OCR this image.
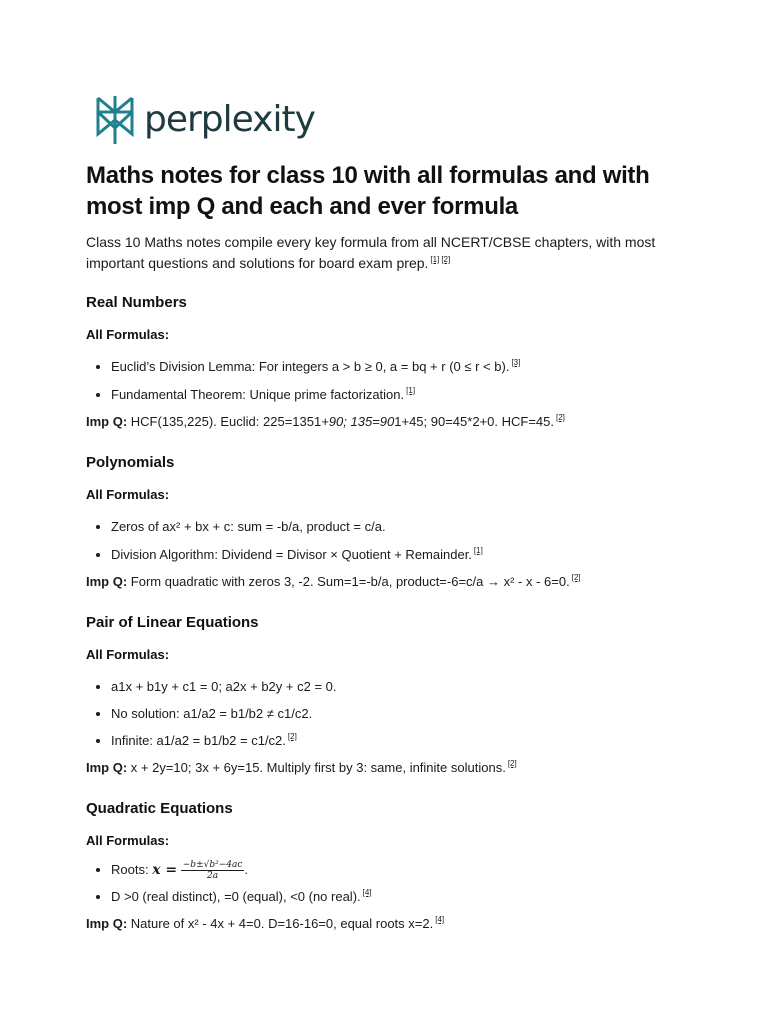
perplexity
Maths notes for class 10 with all formulas and with most imp Q and each and ever formula

Class 10 Maths notes compile every key formula from all NCERT/CBSE chapters, with most important questions and solutions for board exam prep. [1] [2]

Real Numbers

All Formulas:

• Euclid’s Division Lemma: For integers a > b ≥ 0, a = bq + r (0 ≤ r < b). [3]
• Fundamental Theorem: Unique prime factorization. [1]

Imp Q: HCF(135,225). Euclid: 225=1351+90; 135=901+45; 90=45*2+0. HCF=45. [2]

Polynomials

All Formulas:

• Zeros of ax² + bx + c: sum = -b/a, product = c/a.
• Division Algorithm: Dividend = Divisor × Quotient + Remainder. [1]

Imp Q: Form quadratic with zeros 3, -2. Sum=1=-b/a, product=-6=c/a → x² - x - 6=0. [2]

Pair of Linear Equations

All Formulas:

• a1x + b1y + c1 = 0; a2x + b2y + c2 = 0.
• No solution: a1/a2 = b1/b2 ≠ c1/c2.
• Infinite: a1/a2 = b1/b2 = c1/c2. [2]

Imp Q: x + 2y=10; 3x + 6y=15. Multiply first by 3: same, infinite solutions. [2]

Quadratic Equations

All Formulas:

• Roots: $x = \frac{\text{−b±√b²−4ac}}{2a}$ .
• D >0 (real distinct), =0 (equal), <0 (no real). [4]

Imp Q: Nature of x² - 4x + 4=0. D=16-16=0, equal roots x=2. [4]
